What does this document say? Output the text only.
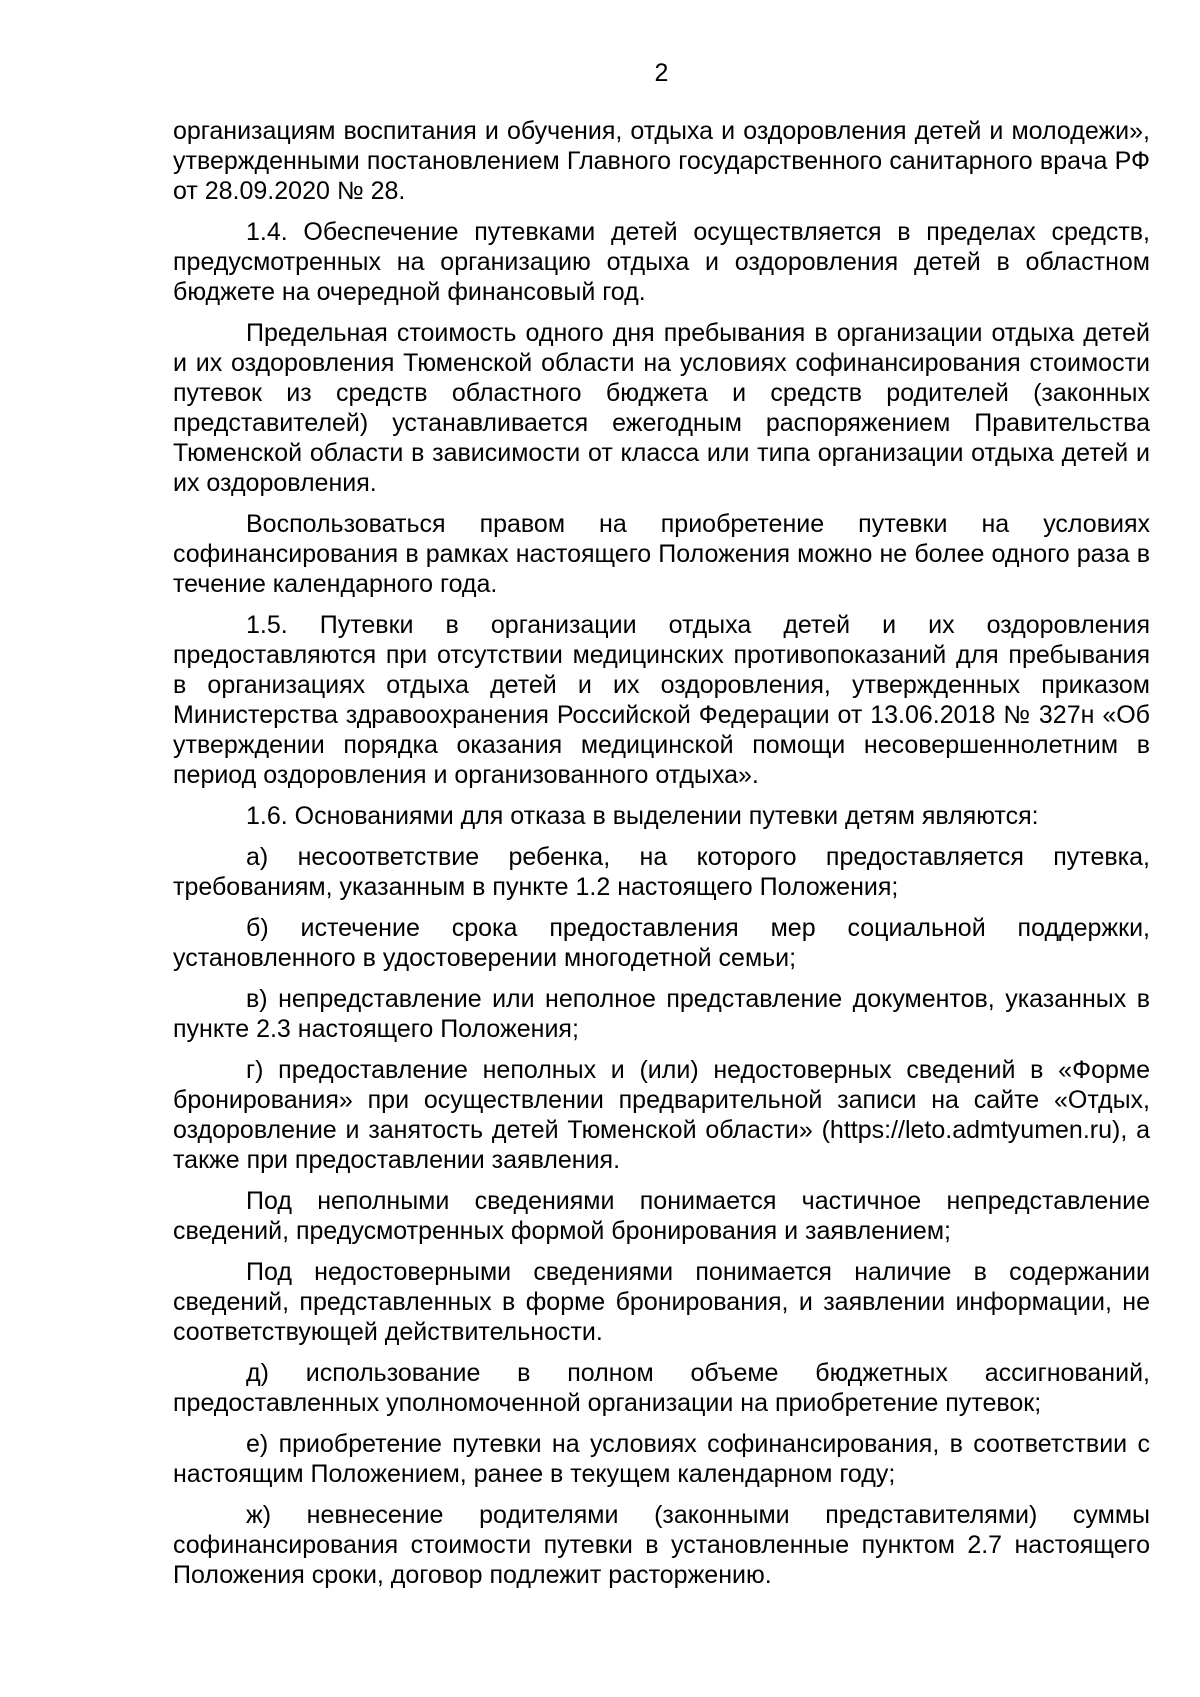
2

организациям воспитания и обучения, отдыха и оздоровления детей и молодежи», утвержденными постановлением Главного государственного санитарного врача РФ от 28.09.2020 № 28.

1.4. Обеспечение путевками детей осуществляется в пределах средств, предусмотренных на организацию отдыха и оздоровления детей в областном бюджете на очередной финансовый год.

Предельная стоимость одного дня пребывания в организации отдыха детей и их оздоровления Тюменской области на условиях софинансирования стоимости путевок из средств областного бюджета и средств родителей (законных представителей) устанавливается ежегодным распоряжением Правительства Тюменской области в зависимости от класса или типа организации отдыха детей и их оздоровления.

Воспользоваться правом на приобретение путевки на условиях софинансирования в рамках настоящего Положения можно не более одного раза в течение календарного года.

1.5. Путевки в организации отдыха детей и их оздоровления предоставляются при отсутствии медицинских противопоказаний для пребывания в организациях отдыха детей и их оздоровления, утвержденных приказом Министерства здравоохранения Российской Федерации от 13.06.2018 № 327н «Об утверждении порядка оказания медицинской помощи несовершеннолетним в период оздоровления и организованного отдыха».

1.6. Основаниями для отказа в выделении путевки детям являются:

а) несоответствие ребенка, на которого предоставляется путевка, требованиям, указанным в пункте 1.2 настоящего Положения;

б) истечение срока предоставления мер социальной поддержки, установленного в удостоверении многодетной семьи;

в) непредставление или неполное представление документов, указанных в пункте 2.3 настоящего Положения;

г) предоставление неполных и (или) недостоверных сведений в «Форме бронирования» при осуществлении предварительной записи на сайте «Отдых, оздоровление и занятость детей Тюменской области» (https://leto.admtyumen.ru), а также при предоставлении заявления.

Под неполными сведениями понимается частичное непредставление сведений, предусмотренных формой бронирования и заявлением;

Под недостоверными сведениями понимается наличие в содержании сведений, представленных в форме бронирования, и заявлении информации, не соответствующей действительности.

д) использование в полном объеме бюджетных ассигнований, предоставленных уполномоченной организации на приобретение путевок;

е) приобретение путевки на условиях софинансирования, в соответствии с настоящим Положением, ранее в текущем календарном году;

ж) невнесение родителями (законными представителями) суммы софинансирования стоимости путевки в установленные пунктом 2.7 настоящего Положения сроки, договор подлежит расторжению.
